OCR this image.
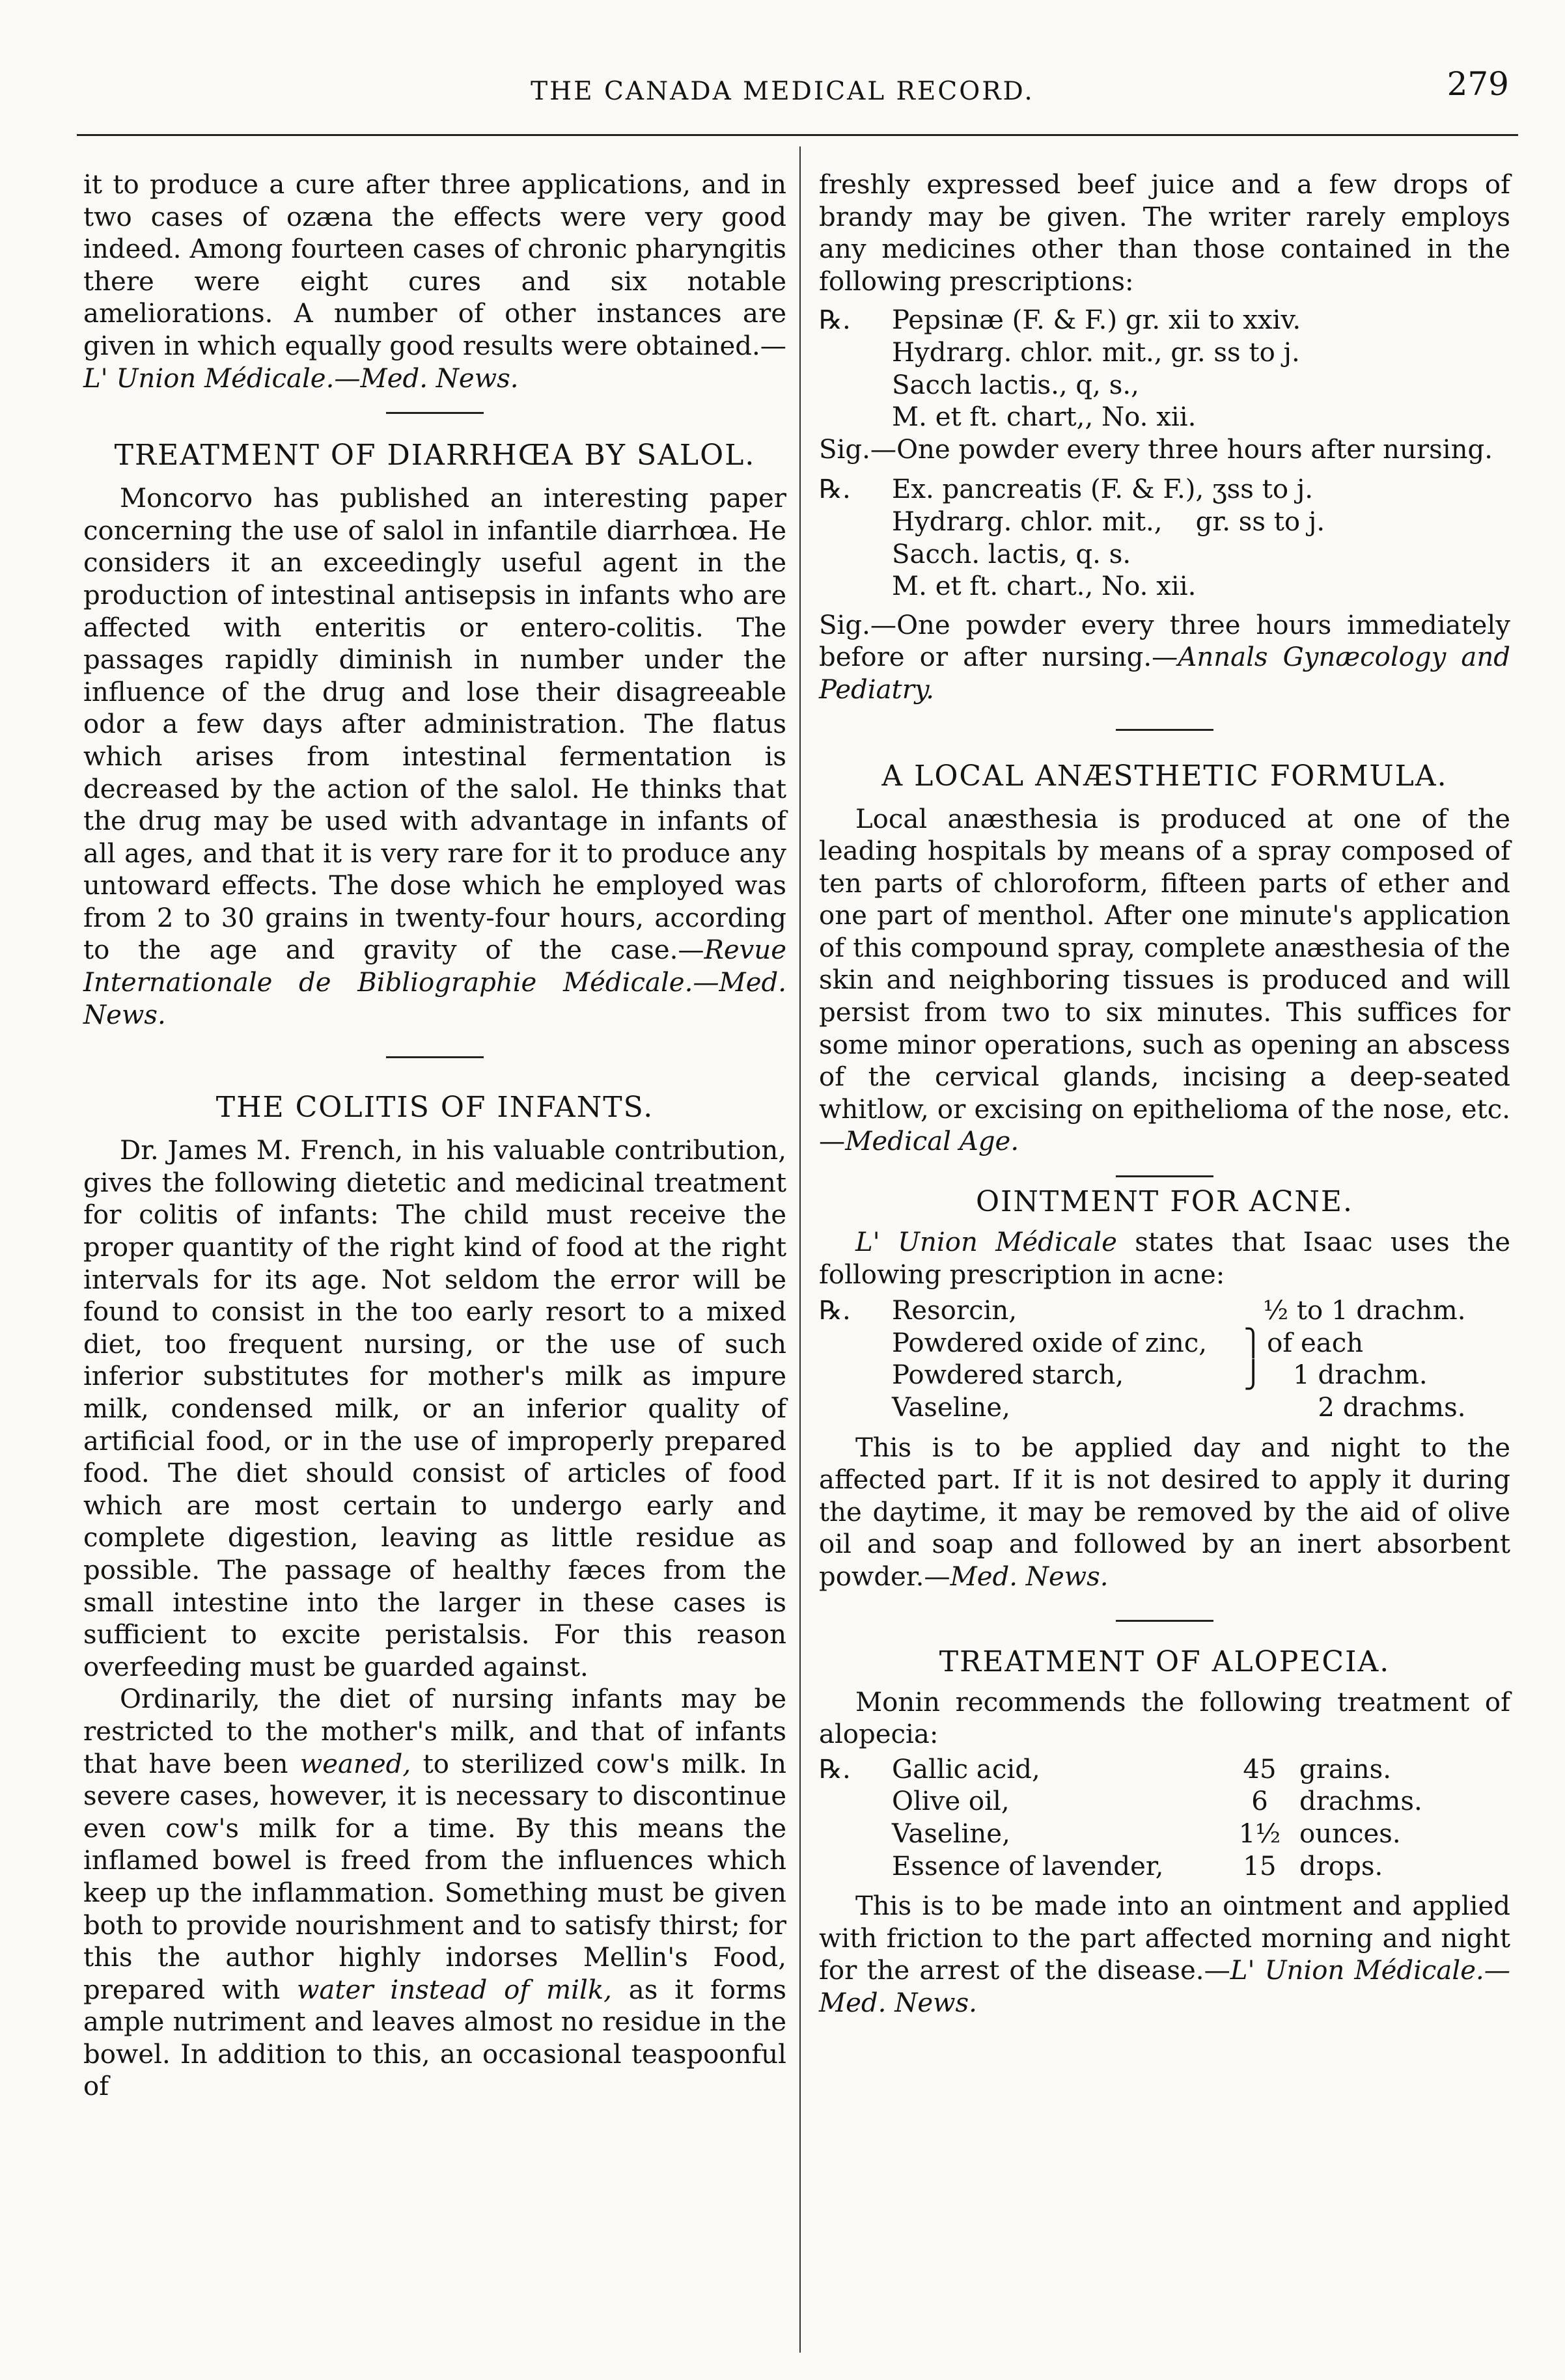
THE CANADA MEDICAL RECORD.	279

it to produce a cure after three applications, and in two cases of ozæna the effects were very good indeed. Among fourteen cases of chronic pharyngitis there were eight cures and six notable ameliorations. A number of other instances are given in which equally good results were obtained.—L' Union Médicale.—Med. News.

TREATMENT OF DIARRHŒA BY SALOL.

Moncorvo has published an interesting paper concerning the use of salol in infantile diarrhœa. He considers it an exceedingly useful agent in the production of intestinal antisepsis in infants who are affected with enteritis or entero-colitis. The passages rapidly diminish in number under the influence of the drug and lose their disagreeable odor a few days after administration. The flatus which arises from intestinal fermentation is decreased by the action of the salol. He thinks that the drug may be used with advantage in infants of all ages, and that it is very rare for it to produce any untoward effects. The dose which he employed was from 2 to 30 grains in twenty-four hours, according to the age and gravity of the case.—Revue Internationale de Bibliographie Médicale.—Med. News.

THE COLITIS OF INFANTS.

Dr. James M. French, in his valuable contribution, gives the following dietetic and medicinal treatment for colitis of infants: The child must receive the proper quantity of the right kind of food at the right intervals for its age. Not seldom the error will be found to consist in the too early resort to a mixed diet, too frequent nursing, or the use of such inferior substitutes for mother's milk as impure milk, condensed milk, or an inferior quality of artificial food, or in the use of improperly prepared food. The diet should consist of articles of food which are most certain to undergo early and complete digestion, leaving as little residue as possible. The passage of healthy fæces from the small intestine into the larger in these cases is sufficient to excite peristalsis. For this reason overfeeding must be guarded against.

Ordinarily, the diet of nursing infants may be restricted to the mother's milk, and that of infants that have been weaned, to sterilized cow's milk. In severe cases, however, it is necessary to discontinue even cow's milk for a time. By this means the inflamed bowel is freed from the influences which keep up the inflammation. Something must be given both to provide nourishment and to satisfy thirst; for this the author highly indorses Mellin's Food, prepared with water instead of milk, as it forms ample nutriment and leaves almost no residue in the bowel. In addition to this, an occasional teaspoonful of

freshly expressed beef juice and a few drops of brandy may be given. The writer rarely employs any medicines other than those contained in the following prescriptions:

℞.	Pepsinæ (F. & F.) gr. xii to xxiv.
Hydrarg. chlor. mit., gr. ss to j.
Sacch lactis., q, s.,
M. et ft. chart,, No. xii.

Sig.—One powder every three hours after nursing.

℞.	Ex. pancreatis (F. & F.), ʒss to j.
Hydrarg. chlor. mit.,    gr. ss to j.
Sacch. lactis, q. s.
M. et ft. chart., No. xii.

Sig.—One powder every three hours immediately before or after nursing.—Annals Gynæcology and Pediatry.

A LOCAL ANÆSTHETIC FORMULA.

Local anæsthesia is produced at one of the leading hospitals by means of a spray composed of ten parts of chloroform, fifteen parts of ether and one part of menthol. After one minute's application of this compound spray, complete anæsthesia of the skin and neighboring tissues is produced and will persist from two to six minutes. This suffices for some minor operations, such as opening an abscess of the cervical glands, incising a deep-seated whitlow, or excising on epithelioma of the nose, etc.—Medical Age.

OINTMENT FOR ACNE.

L' Union Médicale states that Isaac uses the following prescription in acne:

℞.	Resorcin,		½ to 1 drachm.
Powdered oxide of zinc,	⎫	of each
Powdered starch,	⎭	1 drachm.
Vaseline,		2 drachms.

This is to be applied day and night to the affected part. If it is not desired to apply it during the daytime, it may be removed by the aid of olive oil and soap and followed by an inert absorbent powder.—Med. News.

TREATMENT OF ALOPECIA.

Monin recommends the following treatment of alopecia:

℞.	Gallic acid,	45	grains.
Olive oil,	6	drachms.
Vaseline,	1½	ounces.
Essence of lavender,	15	drops.

This is to be made into an ointment and applied with friction to the part affected morning and night for the arrest of the disease.—L' Union Médicale.—Med. News.
